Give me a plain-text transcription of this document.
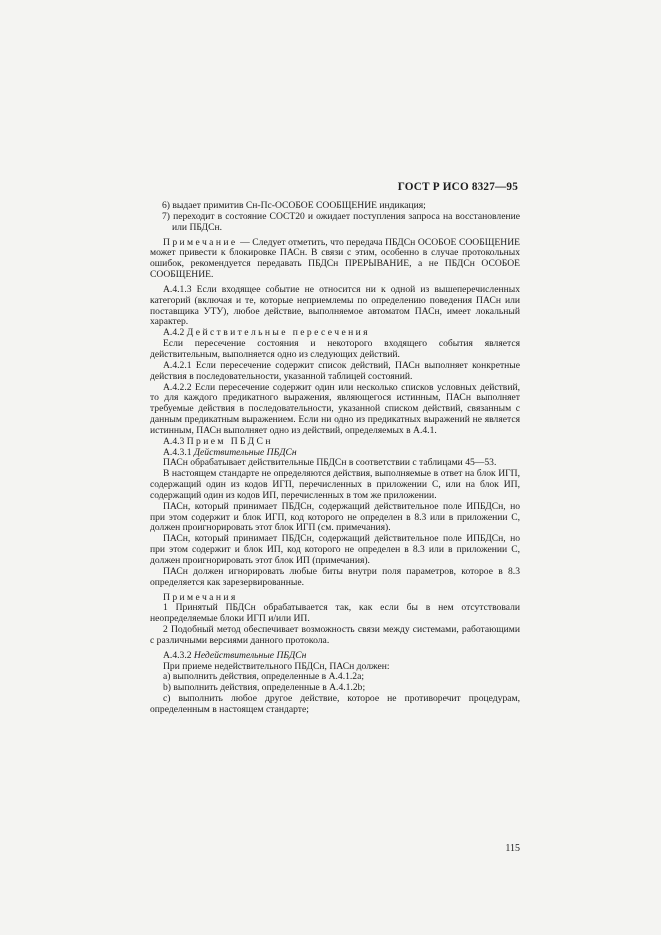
ГОСТ Р ИСО 8327—95

6) выдает примитив Сн-Пс-ОСОБОЕ СООБЩЕНИЕ индикация;

7) переходит в состояние СОСТ20 и ожидает поступления запроса на восстановление или ПБДСн.

Примечание — Следует отметить, что передача ПБДСн ОСОБОЕ СООБЩЕНИЕ может привести к блокировке ПАСн. В связи с этим, особенно в случае протокольных ошибок, рекомендуется передавать ПБДСн ПРЕРЫВАНИЕ, а не ПБДСн ОСОБОЕ СООБЩЕНИЕ.

А.4.1.3 Если входящее событие не относится ни к одной из вышеперечисленных категорий (включая и те, которые неприемлемы по определению поведения ПАСн или поставщика УТУ), любое действие, выполняемое автоматом ПАСн, имеет локальный характер.

А.4.2 Действительные пересечения

Если пересечение состояния и некоторого входящего события является действительным, выполняется одно из следующих действий.

А.4.2.1 Если пересечение содержит список действий, ПАСн выполняет конкретные действия в последовательности, указанной таблицей состояний.

А.4.2.2 Если пересечение содержит один или несколько списков условных действий, то для каждого предикатного выражения, являющегося истинным, ПАСн выполняет требуемые действия в последовательности, указанной списком действий, связанным с данным предикатным выражением. Если ни одно из предикатных выражений не является истинным, ПАСн выполняет одно из действий, определяемых в А.4.1.

А.4.3 Прием ПБДСн

А.4.3.1 Действительные ПБДСн

ПАСн обрабатывает действительные ПБДСн в соответствии с таблицами 45—53.

В настоящем стандарте не определяются действия, выполняемые в ответ на блок ИГП, содержащий один из кодов ИГП, перечисленных в приложении С, или на блок ИП, содержащий один из кодов ИП, перечисленных в том же приложении.

ПАСн, который принимает ПБДСн, содержащий действительное поле ИПБДСн, но при этом содержит и блок ИГП, код которого не определен в 8.3 или в приложении С, должен проигнорировать этот блок ИГП (см. примечания).

ПАСн, который принимает ПБДСн, содержащий действительное поле ИПБДСн, но при этом содержит и блок ИП, код которого не определен в 8.3 или в приложении С, должен проигнорировать этот блок ИП (примечания).

ПАСн должен игнорировать любые биты внутри поля параметров, которое в 8.3 определяется как зарезервированные.

Примечания

1 Принятый ПБДСн обрабатывается так, как если бы в нем отсутствовали неопределяемые блоки ИГП и/или ИП.

2 Подобный метод обеспечивает возможность связи между системами, работающими с различными версиями данного протокола.

А.4.3.2 Недействительные ПБДСн

При приеме недействительного ПБДСн, ПАСн должен:

а) выполнить действия, определенные в А.4.1.2а;

b) выполнить действия, определенные в А.4.1.2b;

с) выполнить любое другое действие, которое не противоречит процедурам, определенным в настоящем стандарте;

115
